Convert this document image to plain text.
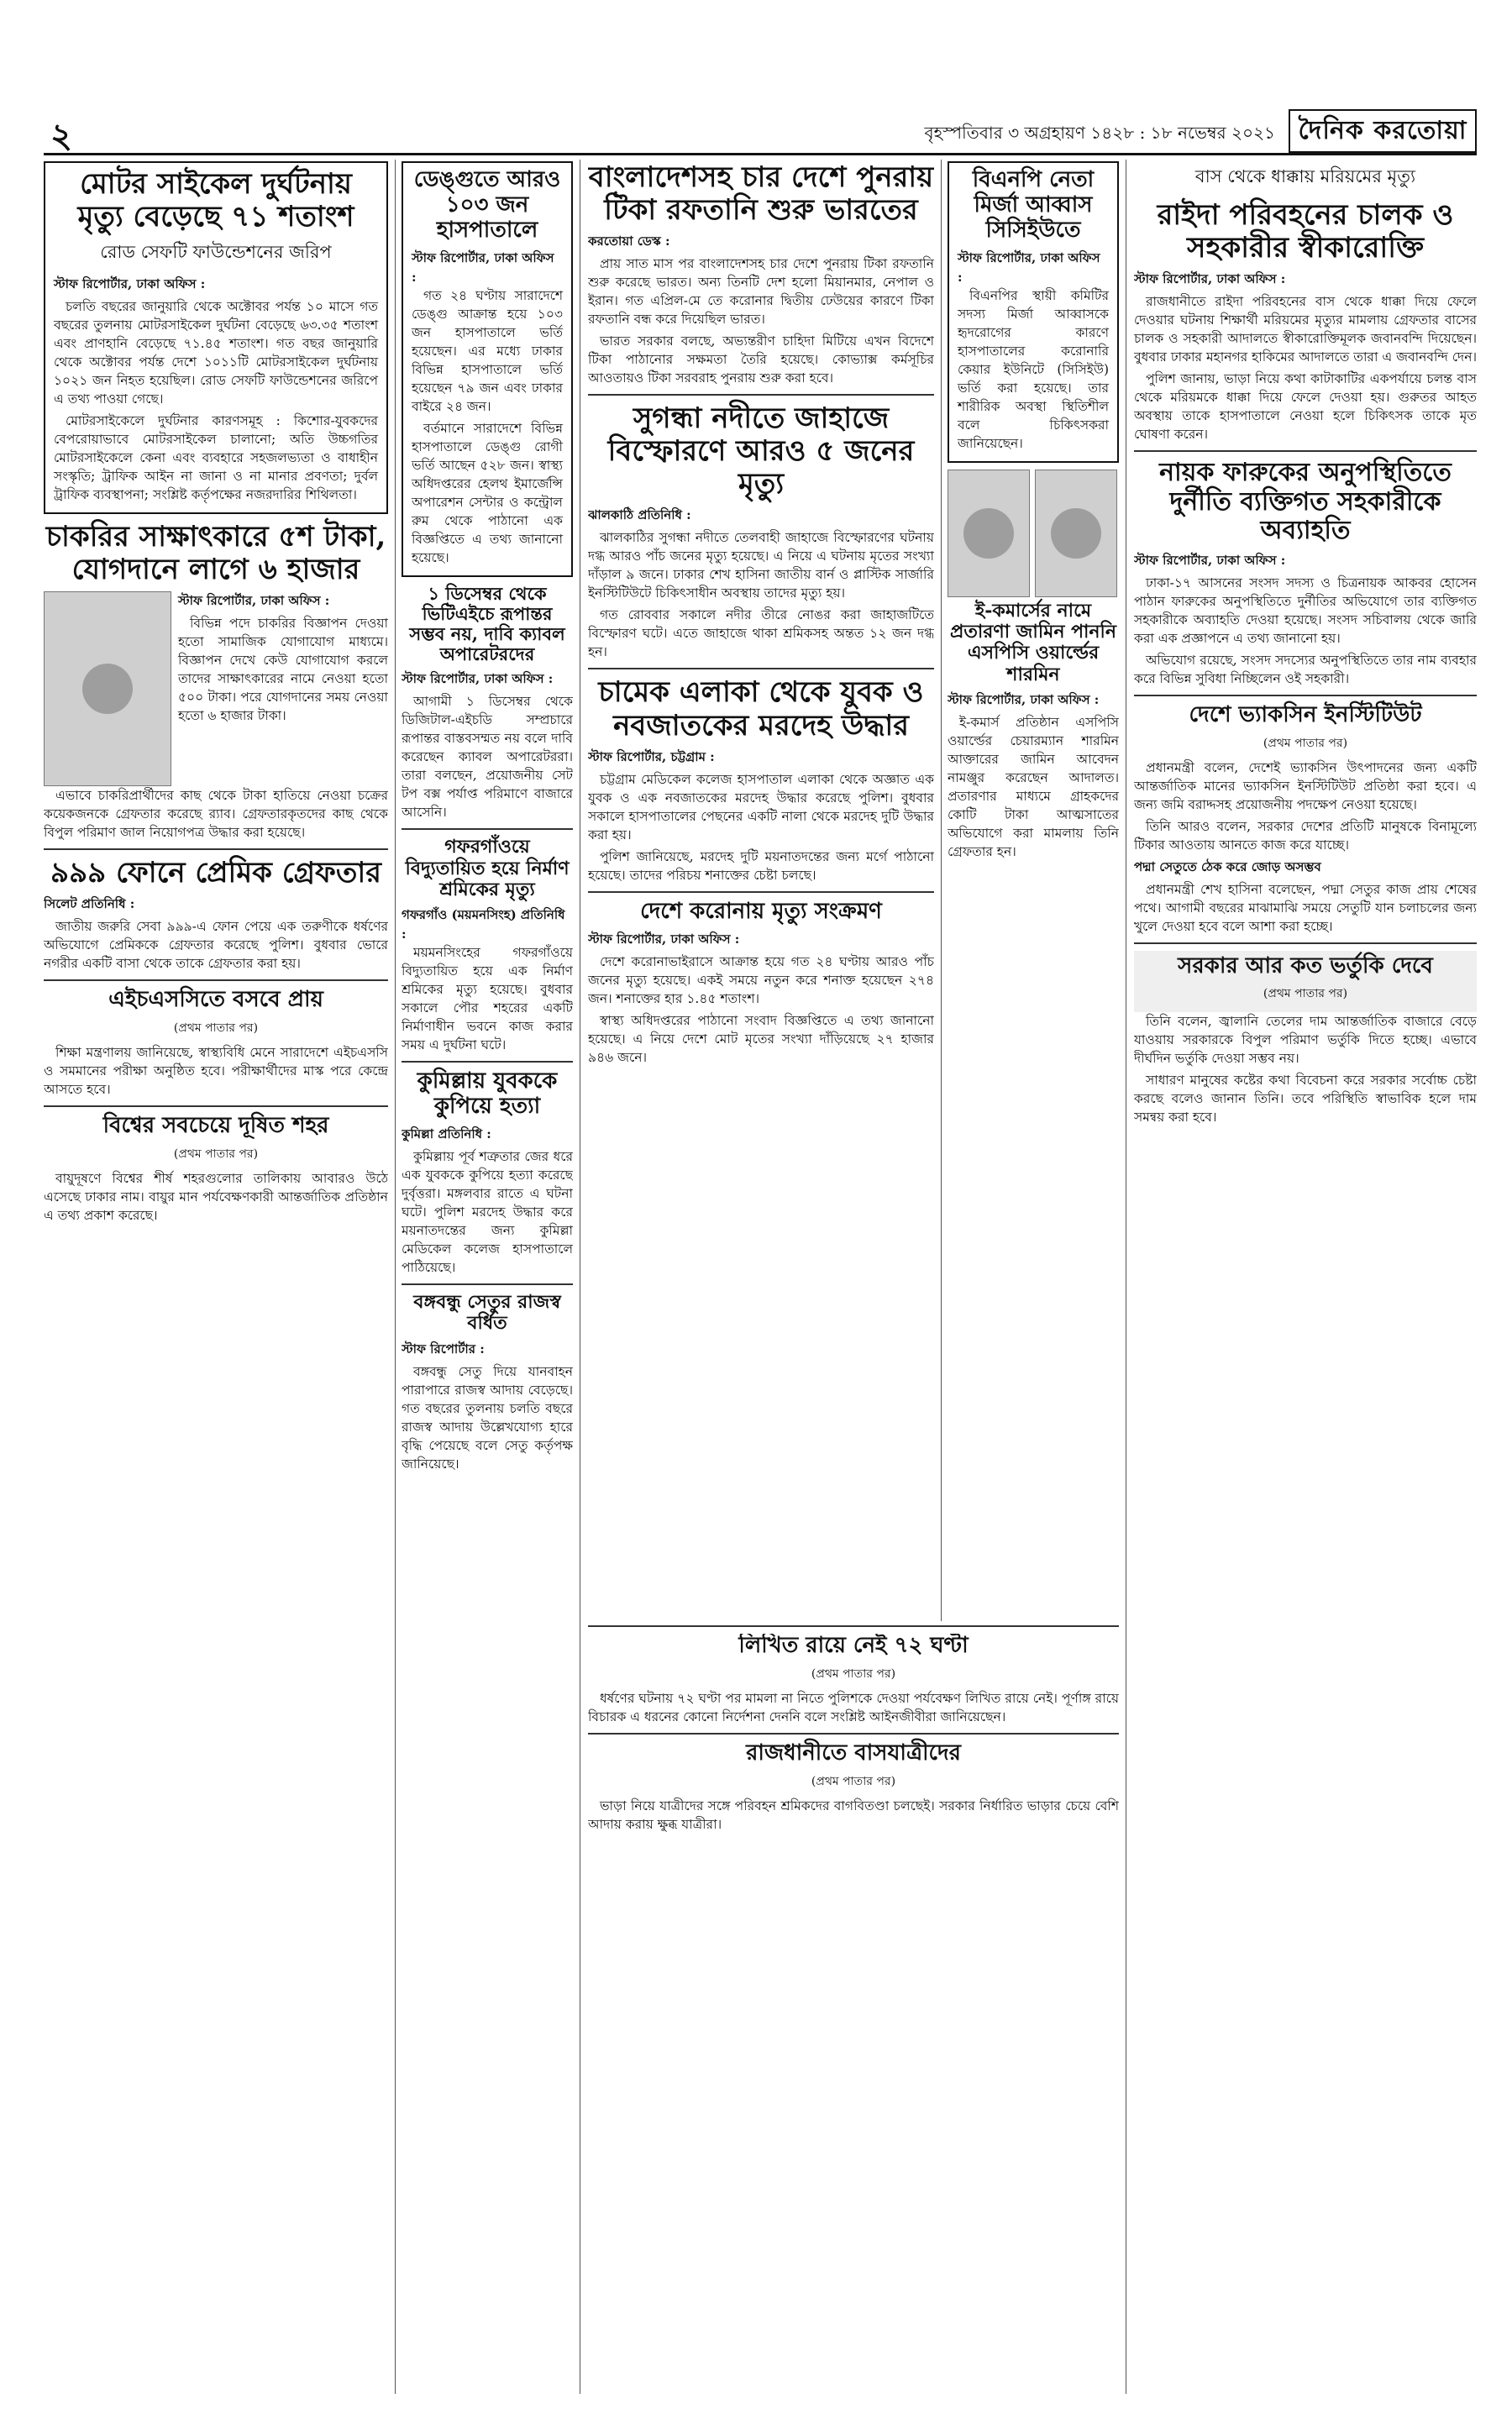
২	বৃহস্পতিবার ৩ অগ্রহায়ণ ১৪২৮ : ১৮ নভেম্বর ২০২১ দৈনিক করতোয়া
মোটর সাইকেল দুর্ঘটনায় মৃত্যু বেড়েছে ৭১ শতাংশ
রোড সেফটি ফাউন্ডেশনের জরিপ
স্টাফ রিপোর্টার, ঢাকা অফিস :

চলতি বছরের জানুয়ারি থেকে অক্টোবর পর্যন্ত ১০ মাসে গত বছরের তুলনায় মোটরসাইকেল দুর্ঘটনা বেড়েছে ৬৩.৩৫ শতাংশ এবং প্রাণহানি বেড়েছে ৭১.৪৫ শতাংশ। গত বছর জানুয়ারি থেকে অক্টোবর পর্যন্ত দেশে ১০১১টি মোটরসাইকেল দুর্ঘটনায় ১০২১ জন নিহত হয়েছিল। রোড সেফটি ফাউন্ডেশনের জরিপে এ তথ্য পাওয়া গেছে।

মোটরসাইকেলে দুর্ঘটনার কারণসমূহ : কিশোর-যুবকদের বেপরোয়াভাবে মোটরসাইকেল চালানো; অতি উচ্চগতির মোটরসাইকেলে কেনা এবং ব্যবহারে সহজলভ্যতা ও বাধাহীন সংস্কৃতি; ট্রাফিক আইন না জানা ও না মানার প্রবণতা; দুর্বল ট্রাফিক ব্যবস্থাপনা; সংশ্লিষ্ট কর্তৃপক্ষের নজরদারির শিথিলতা।

চাকরির সাক্ষাৎকারে ৫শ টাকা, যোগদানে লাগে ৬ হাজার
স্টাফ রিপোর্টার, ঢাকা অফিস :

বিভিন্ন পদে চাকরির বিজ্ঞাপন দেওয়া হতো সামাজিক যোগাযোগ মাধ্যমে। বিজ্ঞাপন দেখে কেউ যোগাযোগ করলে তাদের সাক্ষাৎকারের নামে নেওয়া হতো ৫০০ টাকা। পরে যোগদানের সময় নেওয়া হতো ৬ হাজার টাকা।

এভাবে চাকরিপ্রার্থীদের কাছ থেকে টাকা হাতিয়ে নেওয়া চক্রের কয়েকজনকে গ্রেফতার করেছে র‌্যাব। গ্রেফতারকৃতদের কাছ থেকে বিপুল পরিমাণ জাল নিয়োগপত্র উদ্ধার করা হয়েছে।

৯৯৯ ফোনে প্রেমিক গ্রেফতার
সিলেট প্রতিনিধি :

জাতীয় জরুরি সেবা ৯৯৯-এ ফোন পেয়ে এক তরুণীকে ধর্ষণের অভিযোগে প্রেমিককে গ্রেফতার করেছে পুলিশ। বুধবার ভোরে নগরীর একটি বাসা থেকে তাকে গ্রেফতার করা হয়।

এইচএসসিতে বসবে প্রায়
(প্রথম পাতার পর)

শিক্ষা মন্ত্রণালয় জানিয়েছে, স্বাস্থ্যবিধি মেনে সারাদেশে এইচএসসি ও সমমানের পরীক্ষা অনুষ্ঠিত হবে। পরীক্ষার্থীদের মাস্ক পরে কেন্দ্রে আসতে হবে।

বিশ্বের সবচেয়ে দূষিত শহর
(প্রথম পাতার পর)

বায়ুদূষণে বিশ্বের শীর্ষ শহরগুলোর তালিকায় আবারও উঠে এসেছে ঢাকার নাম। বায়ুর মান পর্যবেক্ষণকারী আন্তর্জাতিক প্রতিষ্ঠান এ তথ্য প্রকাশ করেছে।

ডেঙ্গুতে আরও ১০৩ জন হাসপাতালে
স্টাফ রিপোর্টার, ঢাকা অফিস :

গত ২৪ ঘণ্টায় সারাদেশে ডেঙ্গু আক্রান্ত হয়ে ১০৩ জন হাসপাতালে ভর্তি হয়েছেন। এর মধ্যে ঢাকার বিভিন্ন হাসপাতালে ভর্তি হয়েছেন ৭৯ জন এবং ঢাকার বাইরে ২৪ জন।

বর্তমানে সারাদেশে বিভিন্ন হাসপাতালে ডেঙ্গু রোগী ভর্তি আছেন ৫২৮ জন। স্বাস্থ্য অধিদপ্তরের হেলথ ইমার্জেন্সি অপারেশন সেন্টার ও কন্ট্রোল রুম থেকে পাঠানো এক বিজ্ঞপ্তিতে এ তথ্য জানানো হয়েছে।

১ ডিসেম্বর থেকে ভিটিএইচে রূপান্তর সম্ভব নয়, দাবি ক্যাবল অপারেটরদের
স্টাফ রিপোর্টার, ঢাকা অফিস :

আগামী ১ ডিসেম্বর থেকে ডিজিটাল-এইচডি সম্প্রচারে রূপান্তর বাস্তবসম্মত নয় বলে দাবি করেছেন ক্যাবল অপারেটররা। তারা বলছেন, প্রয়োজনীয় সেট টপ বক্স পর্যাপ্ত পরিমাণে বাজারে আসেনি।

গফরগাঁওয়ে বিদ্যুতায়িত হয়ে নির্মাণ শ্রমিকের মৃত্যু
গফরগাঁও (ময়মনসিংহ) প্রতিনিধি :

ময়মনসিংহের গফরগাঁওয়ে বিদ্যুতায়িত হয়ে এক নির্মাণ শ্রমিকের মৃত্যু হয়েছে। বুধবার সকালে পৌর শহরের একটি নির্মাণাধীন ভবনে কাজ করার সময় এ দুর্ঘটনা ঘটে।

কুমিল্লায় যুবককে কুপিয়ে হত্যা
কুমিল্লা প্রতিনিধি :

কুমিল্লায় পূর্ব শত্রুতার জের ধরে এক যুবককে কুপিয়ে হত্যা করেছে দুর্বৃত্তরা। মঙ্গলবার রাতে এ ঘটনা ঘটে। পুলিশ মরদেহ উদ্ধার করে ময়নাতদন্তের জন্য কুমিল্লা মেডিকেল কলেজ হাসপাতালে পাঠিয়েছে।

বঙ্গবন্ধু সেতুর রাজস্ব বর্ধিত
স্টাফ রিপোর্টার :

বঙ্গবন্ধু সেতু দিয়ে যানবাহন পারাপারে রাজস্ব আদায় বেড়েছে। গত বছরের তুলনায় চলতি বছরে রাজস্ব আদায় উল্লেখযোগ্য হারে বৃদ্ধি পেয়েছে বলে সেতু কর্তৃপক্ষ জানিয়েছে।

বাংলাদেশসহ চার দেশে পুনরায় টিকা রফতানি শুরু ভারতের
করতোয়া ডেস্ক :

প্রায় সাত মাস পর বাংলাদেশসহ চার দেশে পুনরায় টিকা রফতানি শুরু করেছে ভারত। অন্য তিনটি দেশ হলো মিয়ানমার, নেপাল ও ইরান। গত এপ্রিল-মে তে করোনার দ্বিতীয় ঢেউয়ের কারণে টিকা রফতানি বন্ধ করে দিয়েছিল ভারত।

ভারত সরকার বলছে, অভ্যন্তরীণ চাহিদা মিটিয়ে এখন বিদেশে টিকা পাঠানোর সক্ষমতা তৈরি হয়েছে। কোভ্যাক্স কর্মসূচির আওতায়ও টিকা সরবরাহ পুনরায় শুরু করা হবে।

সুগন্ধা নদীতে জাহাজে বিস্ফোরণে আরও ৫ জনের মৃত্যু
ঝালকাঠি প্রতিনিধি :

ঝালকাঠির সুগন্ধা নদীতে তেলবাহী জাহাজে বিস্ফোরণের ঘটনায় দগ্ধ আরও পাঁচ জনের মৃত্যু হয়েছে। এ নিয়ে এ ঘটনায় মৃতের সংখ্যা দাঁড়াল ৯ জনে। ঢাকার শেখ হাসিনা জাতীয় বার্ন ও প্লাস্টিক সার্জারি ইনস্টিটিউটে চিকিৎসাধীন অবস্থায় তাদের মৃত্যু হয়।

গত রোববার সকালে নদীর তীরে নোঙর করা জাহাজটিতে বিস্ফোরণ ঘটে। এতে জাহাজে থাকা শ্রমিকসহ অন্তত ১২ জন দগ্ধ হন।

চামেক এলাকা থেকে যুবক ও নবজাতকের মরদেহ উদ্ধার
স্টাফ রিপোর্টার, চট্টগ্রাম :

চট্টগ্রাম মেডিকেল কলেজ হাসপাতাল এলাকা থেকে অজ্ঞাত এক যুবক ও এক নবজাতকের মরদেহ উদ্ধার করেছে পুলিশ। বুধবার সকালে হাসপাতালের পেছনের একটি নালা থেকে মরদেহ দুটি উদ্ধার করা হয়।

পুলিশ জানিয়েছে, মরদেহ দুটি ময়নাতদন্তের জন্য মর্গে পাঠানো হয়েছে। তাদের পরিচয় শনাক্তের চেষ্টা চলছে।

দেশে করোনায় মৃত্যু সংক্রমণ
স্টাফ রিপোর্টার, ঢাকা অফিস :

দেশে করোনাভাইরাসে আক্রান্ত হয়ে গত ২৪ ঘণ্টায় আরও পাঁচ জনের মৃত্যু হয়েছে। একই সময়ে নতুন করে শনাক্ত হয়েছেন ২৭৪ জন। শনাক্তের হার ১.৪৫ শতাংশ।

স্বাস্থ্য অধিদপ্তরের পাঠানো সংবাদ বিজ্ঞপ্তিতে এ তথ্য জানানো হয়েছে। এ নিয়ে দেশে মোট মৃতের সংখ্যা দাঁড়িয়েছে ২৭ হাজার ৯৪৬ জনে।

বিএনপি নেতা মির্জা আব্বাস সিসিইউতে
স্টাফ রিপোর্টার, ঢাকা অফিস :

বিএনপির স্থায়ী কমিটির সদস্য মির্জা আব্বাসকে হৃদরোগের কারণে হাসপাতালের করোনারি কেয়ার ইউনিটে (সিসিইউ) ভর্তি করা হয়েছে। তার শারীরিক অবস্থা স্থিতিশীল বলে চিকিৎসকরা জানিয়েছেন।

ই-কমার্সের নামে প্রতারণা জামিন পাননি এসপিসি ওয়ার্ল্ডের শারমিন
স্টাফ রিপোর্টার, ঢাকা অফিস :

ই-কমার্স প্রতিষ্ঠান এসপিসি ওয়ার্ল্ডের চেয়ারম্যান শারমিন আক্তারের জামিন আবেদন নামঞ্জুর করেছেন আদালত। প্রতারণার মাধ্যমে গ্রাহকদের কোটি টাকা আত্মসাতের অভিযোগে করা মামলায় তিনি গ্রেফতার হন।

লিখিত রায়ে নেই ৭২ ঘণ্টা
(প্রথম পাতার পর)

ধর্ষণের ঘটনায় ৭২ ঘণ্টা পর মামলা না নিতে পুলিশকে দেওয়া পর্যবেক্ষণ লিখিত রায়ে নেই। পূর্ণাঙ্গ রায়ে বিচারক এ ধরনের কোনো নির্দেশনা দেননি বলে সংশ্লিষ্ট আইনজীবীরা জানিয়েছেন।

রাজধানীতে বাসযাত্রীদের
(প্রথম পাতার পর)

ভাড়া নিয়ে যাত্রীদের সঙ্গে পরিবহন শ্রমিকদের বাগবিতণ্ডা চলছেই। সরকার নির্ধারিত ভাড়ার চেয়ে বেশি আদায় করায় ক্ষুব্ধ যাত্রীরা।

বাস থেকে ধাক্কায় মরিয়মের মৃত্যু
রাইদা পরিবহনের চালক ও সহকারীর স্বীকারোক্তি
স্টাফ রিপোর্টার, ঢাকা অফিস :

রাজধানীতে রাইদা পরিবহনের বাস থেকে ধাক্কা দিয়ে ফেলে দেওয়ার ঘটনায় শিক্ষার্থী মরিয়মের মৃত্যুর মামলায় গ্রেফতার বাসের চালক ও সহকারী আদালতে স্বীকারোক্তিমূলক জবানবন্দি দিয়েছেন। বুধবার ঢাকার মহানগর হাকিমের আদালতে তারা এ জবানবন্দি দেন।

পুলিশ জানায়, ভাড়া নিয়ে কথা কাটাকাটির একপর্যায়ে চলন্ত বাস থেকে মরিয়মকে ধাক্কা দিয়ে ফেলে দেওয়া হয়। গুরুতর আহত অবস্থায় তাকে হাসপাতালে নেওয়া হলে চিকিৎসক তাকে মৃত ঘোষণা করেন।

নায়ক ফারুকের অনুপস্থিতিতে দুর্নীতি ব্যক্তিগত সহকারীকে অব্যাহতি
স্টাফ রিপোর্টার, ঢাকা অফিস :

ঢাকা-১৭ আসনের সংসদ সদস্য ও চিত্রনায়ক আকবর হোসেন পাঠান ফারুকের অনুপস্থিতিতে দুর্নীতির অভিযোগে তার ব্যক্তিগত সহকারীকে অব্যাহতি দেওয়া হয়েছে। সংসদ সচিবালয় থেকে জারি করা এক প্রজ্ঞাপনে এ তথ্য জানানো হয়।

অভিযোগ রয়েছে, সংসদ সদস্যের অনুপস্থিতিতে তার নাম ব্যবহার করে বিভিন্ন সুবিধা নিচ্ছিলেন ওই সহকারী।

দেশে ভ্যাকসিন ইনস্টিটিউট
(প্রথম পাতার পর)

প্রধানমন্ত্রী বলেন, দেশেই ভ্যাকসিন উৎপাদনের জন্য একটি আন্তর্জাতিক মানের ভ্যাকসিন ইনস্টিটিউট প্রতিষ্ঠা করা হবে। এ জন্য জমি বরাদ্দসহ প্রয়োজনীয় পদক্ষেপ নেওয়া হয়েছে।

তিনি আরও বলেন, সরকার দেশের প্রতিটি মানুষকে বিনামূল্যে টিকার আওতায় আনতে কাজ করে যাচ্ছে।

পদ্মা সেতুতে ঠেক করে জোড় অসম্ভব

প্রধানমন্ত্রী শেখ হাসিনা বলেছেন, পদ্মা সেতুর কাজ প্রায় শেষের পথে। আগামী বছরের মাঝামাঝি সময়ে সেতুটি যান চলাচলের জন্য খুলে দেওয়া হবে বলে আশা করা হচ্ছে।

সরকার আর কত ভর্তুকি দেবে
(প্রথম পাতার পর)

তিনি বলেন, জ্বালানি তেলের দাম আন্তর্জাতিক বাজারে বেড়ে যাওয়ায় সরকারকে বিপুল পরিমাণ ভর্তুকি দিতে হচ্ছে। এভাবে দীর্ঘদিন ভর্তুকি দেওয়া সম্ভব নয়।

সাধারণ মানুষের কষ্টের কথা বিবেচনা করে সরকার সর্বোচ্চ চেষ্টা করছে বলেও জানান তিনি। তবে পরিস্থিতি স্বাভাবিক হলে দাম সমন্বয় করা হবে।
